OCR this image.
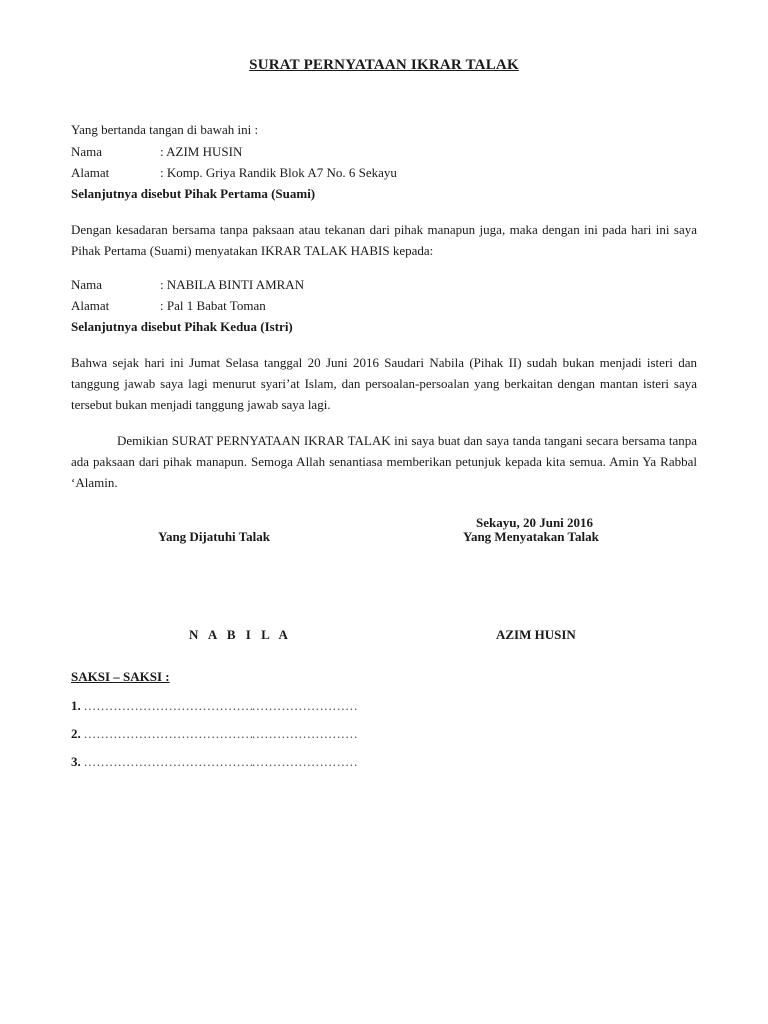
SURAT PERNYATAAN IKRAR TALAK
Yang bertanda tangan di bawah ini :
Nama	: AZIM HUSIN
Alamat	: Komp. Griya Randik Blok A7 No. 6 Sekayu
Selanjutnya disebut Pihak Pertama (Suami)
Dengan kesadaran bersama tanpa paksaan atau tekanan dari pihak manapun juga, maka dengan ini pada hari ini saya Pihak Pertama (Suami) menyatakan IKRAR TALAK HABIS kepada:
Nama	: NABILA BINTI AMRAN
Alamat	: Pal 1 Babat Toman
Selanjutnya disebut Pihak Kedua (Istri)
Bahwa sejak hari ini Jumat Selasa tanggal 20 Juni 2016 Saudari Nabila (Pihak II) sudah bukan menjadi isteri dan tanggung jawab saya lagi menurut syari’at Islam, dan persoalan-persoalan yang berkaitan dengan mantan isteri saya tersebut bukan menjadi tanggung jawab saya lagi.
Demikian SURAT PERNYATAAN IKRAR TALAK ini saya buat dan saya tanda tangani secara bersama tanpa ada paksaan dari pihak manapun. Semoga Allah senantiasa memberikan petunjuk kepada kita semua. Amin Ya Rabbal ‘Alamin.
Sekayu, 20 Juni 2016
Yang Dijatuhi Talak	Yang Menyatakan Talak
N A B I L A	AZIM HUSIN
SAKSI – SAKSI :
1. ........................................
.........................
2. ........................................
.........................
3. ........................................
.........................
